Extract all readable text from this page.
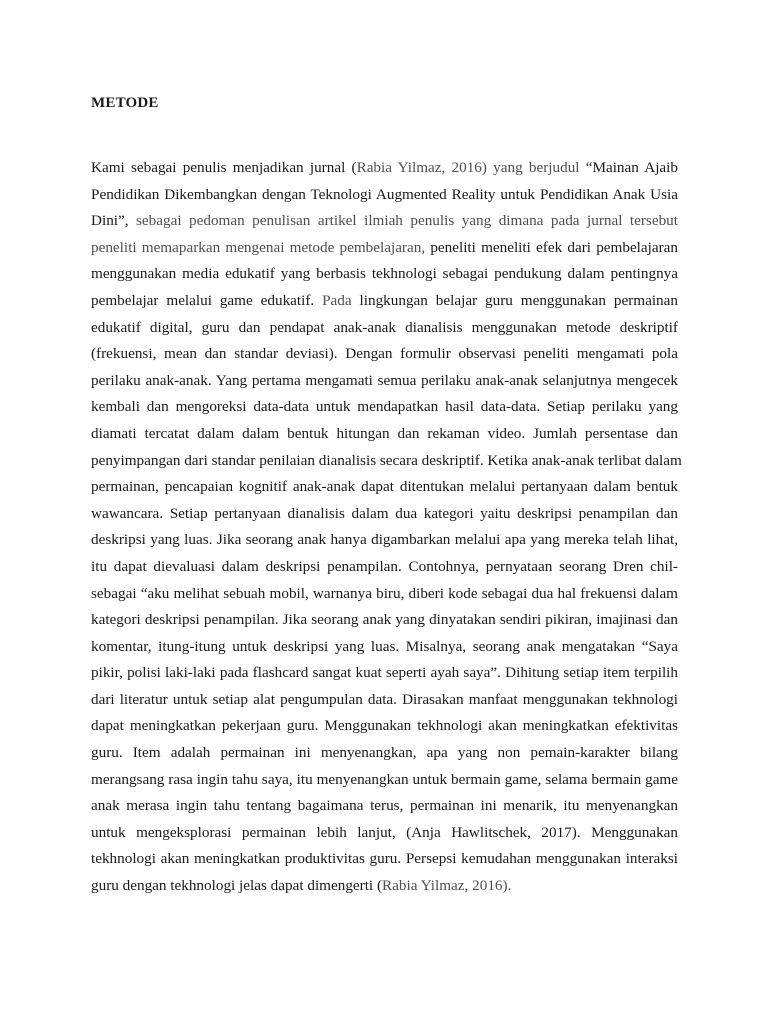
METODE
Kami sebagai penulis menjadikan jurnal (Rabia Yilmaz, 2016) yang berjudul “Mainan Ajaib
Pendidikan Dikembangkan dengan Teknologi Augmented Reality untuk Pendidikan Anak Usia
Dini”, sebagai pedoman penulisan artikel ilmiah penulis yang dimana pada jurnal tersebut
peneliti memaparkan mengenai metode pembelajaran, peneliti meneliti efek dari pembelajaran
menggunakan media edukatif yang berbasis tekhnologi sebagai pendukung dalam pentingnya
pembelajar melalui game edukatif. Pada lingkungan belajar guru menggunakan permainan
edukatif digital, guru dan pendapat anak-anak dianalisis menggunakan metode deskriptif
(frekuensi, mean dan standar deviasi). Dengan formulir observasi peneliti mengamati pola
perilaku anak-anak. Yang pertama mengamati semua perilaku anak-anak selanjutnya mengecek
kembali dan mengoreksi data-data untuk mendapatkan hasil data-data. Setiap perilaku yang
diamati tercatat dalam dalam bentuk hitungan dan rekaman video. Jumlah persentase dan
penyimpangan dari standar penilaian dianalisis secara deskriptif. Ketika anak-anak terlibat dalam
permainan, pencapaian kognitif anak-anak dapat ditentukan melalui pertanyaan dalam bentuk
wawancara. Setiap pertanyaan dianalisis dalam dua kategori yaitu deskripsi penampilan dan
deskripsi yang luas. Jika seorang anak hanya digambarkan melalui apa yang mereka telah lihat,
itu dapat dievaluasi dalam deskripsi penampilan. Contohnya, pernyataan seorang Dren chil-
sebagai “aku melihat sebuah mobil, warnanya biru, diberi kode sebagai dua hal frekuensi dalam
kategori deskripsi penampilan. Jika seorang anak yang dinyatakan sendiri pikiran, imajinasi dan
komentar, itung-itung untuk deskripsi yang luas. Misalnya, seorang anak mengatakan “Saya
pikir, polisi laki-laki pada flashcard sangat kuat seperti ayah saya”. Dihitung setiap item terpilih
dari literatur untuk setiap alat pengumpulan data. Dirasakan manfaat menggunakan tekhnologi
dapat meningkatkan pekerjaan guru. Menggunakan tekhnologi akan meningkatkan efektivitas
guru. Item adalah permainan ini menyenangkan, apa yang non pemain-karakter bilang
merangsang rasa ingin tahu saya, itu menyenangkan untuk bermain game, selama bermain game
anak merasa ingin tahu tentang bagaimana terus, permainan ini menarik, itu menyenangkan
untuk mengeksplorasi permainan lebih lanjut, (Anja Hawlitschek, 2017). Menggunakan
tekhnologi akan meningkatkan produktivitas guru. Persepsi kemudahan menggunakan interaksi
guru dengan tekhnologi jelas dapat dimengerti (Rabia Yilmaz, 2016).
